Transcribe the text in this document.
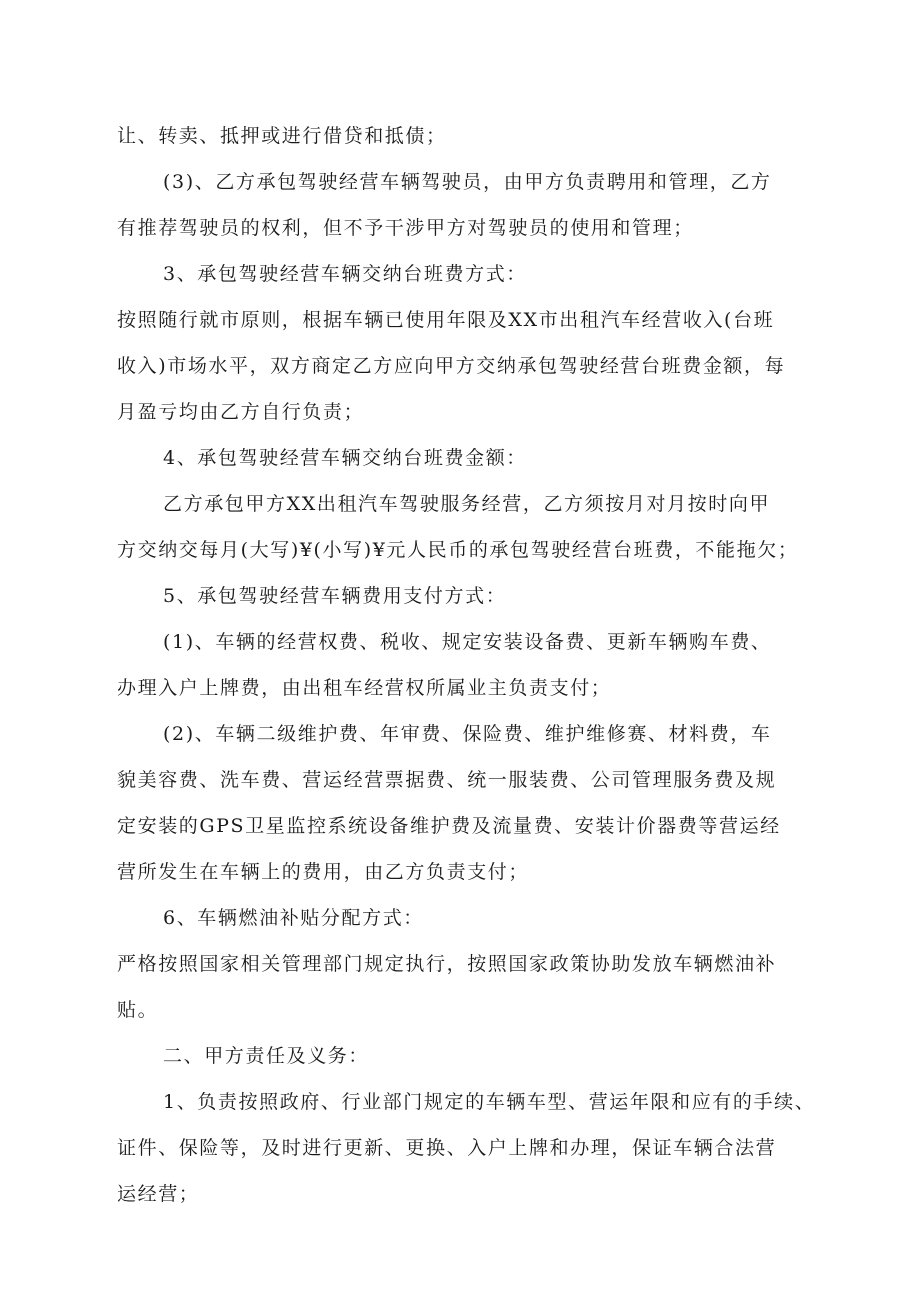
让、转卖、抵押或进行借贷和抵债；
(3)、乙方承包驾驶经营车辆驾驶员，由甲方负责聘用和管理，乙方
有推荐驾驶员的权利，但不予干涉甲方对驾驶员的使用和管理；
3、承包驾驶经营车辆交纳台班费方式：
按照随行就市原则，根据车辆已使用年限及XX市出租汽车经营收入(台班
收入)市场水平，双方商定乙方应向甲方交纳承包驾驶经营台班费金额，每
月盈亏均由乙方自行负责；
4、承包驾驶经营车辆交纳台班费金额：
乙方承包甲方XX出租汽车驾驶服务经营，乙方须按月对月按时向甲
方交纳交每月(大写)¥(小写)¥元人民币的承包驾驶经营台班费，不能拖欠；
5、承包驾驶经营车辆费用支付方式：
(1)、车辆的经营权费、税收、规定安装设备费、更新车辆购车费、
办理入户上牌费，由出租车经营权所属业主负责支付；
(2)、车辆二级维护费、年审费、保险费、维护维修赛、材料费，车
貌美容费、洗车费、营运经营票据费、统一服装费、公司管理服务费及规
定安装的GPS卫星监控系统设备维护费及流量费、安装计价器费等营运经
营所发生在车辆上的费用，由乙方负责支付；
6、车辆燃油补贴分配方式：
严格按照国家相关管理部门规定执行，按照国家政策协助发放车辆燃油补
贴。
二、甲方责任及义务：
1、负责按照政府、行业部门规定的车辆车型、营运年限和应有的手续、
证件、保险等，及时进行更新、更换、入户上牌和办理，保证车辆合法营
运经营；
